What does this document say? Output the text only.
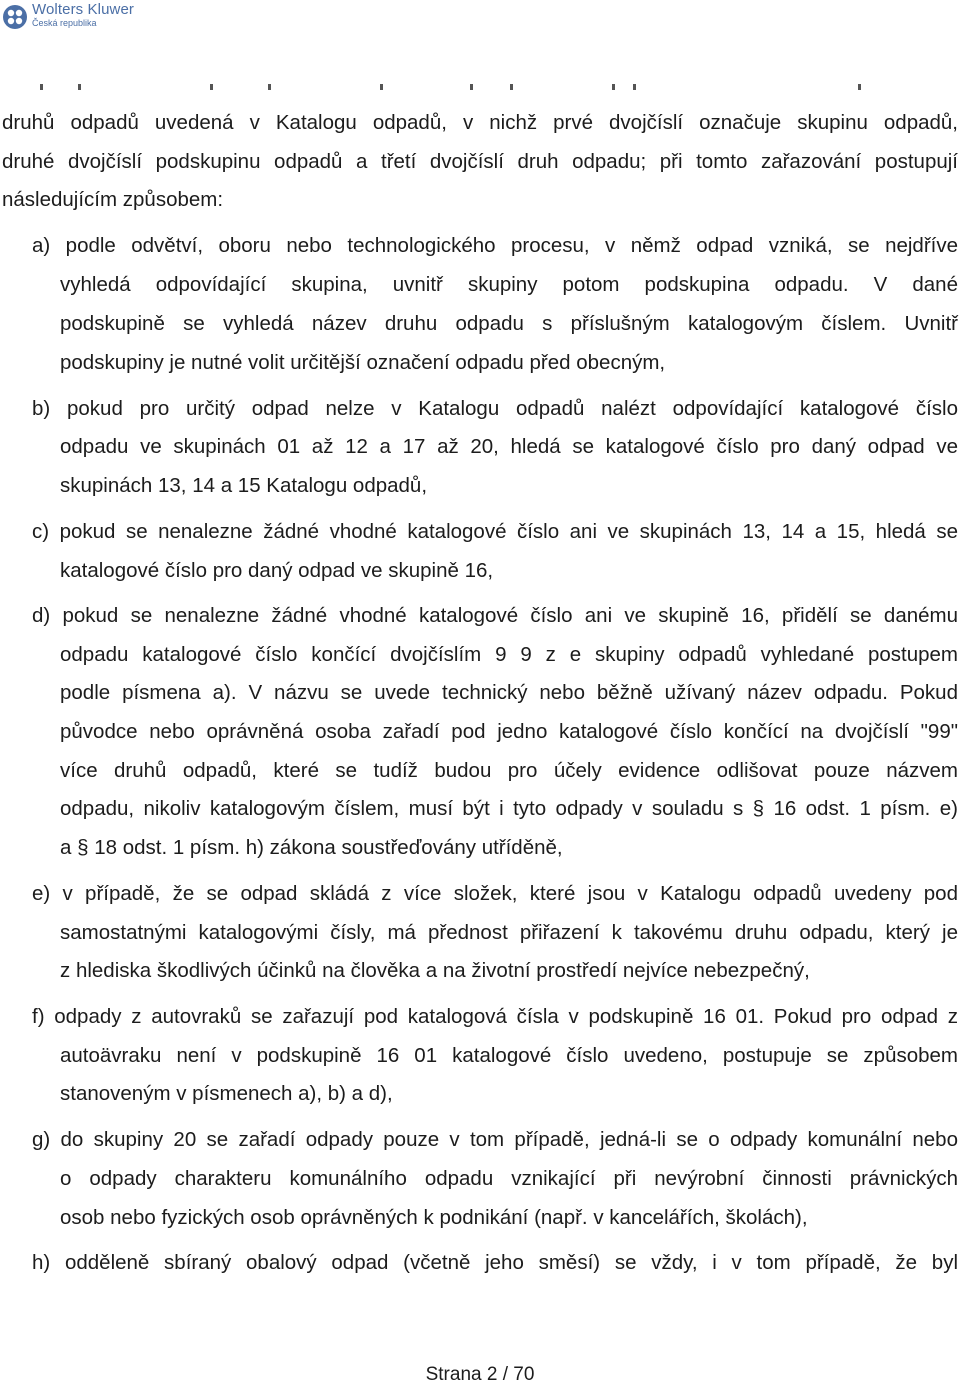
Wolters Kluwer
Česká republika
druhů odpadů uvedená v Katalogu odpadů, v nichž prvé dvojčíslí označuje skupinu odpadů,
druhé dvojčíslí podskupinu odpadů a třetí dvojčíslí druh odpadu; při tomto zařazování postupují
následujícím způsobem:
a) podle odvětví, oboru nebo technologického procesu, v němž odpad vzniká, se nejdříve
vyhledá odpovídající skupina, uvnitř skupiny potom podskupina odpadu. V dané
podskupině se vyhledá název druhu odpadu s příslušným katalogovým číslem. Uvnitř
podskupiny je nutné volit určitější označení odpadu před obecným,
b) pokud pro určitý odpad nelze v Katalogu odpadů nalézt odpovídající katalogové číslo
odpadu ve skupinách 01 až 12 a 17 až 20, hledá se katalogové číslo pro daný odpad ve
skupinách 13, 14 a 15 Katalogu odpadů,
c) pokud se nenalezne žádné vhodné katalogové číslo ani ve skupinách 13, 14 a 15, hledá se
katalogové číslo pro daný odpad ve skupině 16,
d) pokud se nenalezne žádné vhodné katalogové číslo ani ve skupině 16, přidělí se danému
odpadu katalogové číslo končící dvojčíslím 9 9 z e skupiny odpadů vyhledané postupem
podle písmena a). V názvu se uvede technický nebo běžně užívaný název odpadu. Pokud
původce nebo oprávněná osoba zařadí pod jedno katalogové číslo končící na dvojčíslí "99"
více druhů odpadů, které se tudíž budou pro účely evidence odlišovat pouze názvem
odpadu, nikoliv katalogovým číslem, musí být i tyto odpady v souladu s § 16 odst. 1 písm. e)
a § 18 odst. 1 písm. h) zákona soustřeďovány utříděně,
e) v případě, že se odpad skládá z více složek, které jsou v Katalogu odpadů uvedeny pod
samostatnými katalogovými čísly, má přednost přiřazení k takovému druhu odpadu, který je
z hlediska škodlivých účinků na člověka a na životní prostředí nejvíce nebezpečný,
f) odpady z autovraků se zařazují pod katalogová čísla v podskupině 16 01. Pokud pro odpad z
autoävraku není v podskupině 16 01 katalogové číslo uvedeno, postupuje se způsobem
stanoveným v písmenech a), b) a d),
g) do skupiny 20 se zařadí odpady pouze v tom případě, jedná-li se o odpady komunální nebo
o odpady charakteru komunálního odpadu vznikající při nevýrobní činnosti právnických
osob nebo fyzických osob oprávněných k podnikání (např. v kancelářích, školách),
h) odděleně sbíraný obalový odpad (včetně jeho směsí) se vždy, i v tom případě, že byl
Strana 2 / 70
